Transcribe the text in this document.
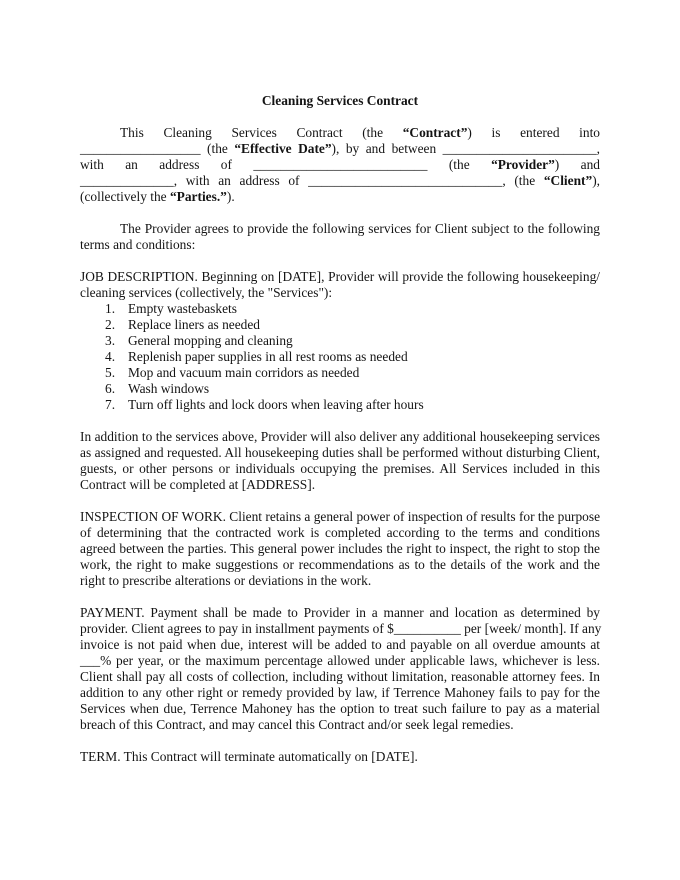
Cleaning Services Contract
This Cleaning Services Contract (the “Contract”) is entered into
__________________ (the “Effective Date”), by and between _______________________,
with an address of __________________________ (the “Provider”) and
______________, with an address of _____________________________, (the “Client”),
(collectively the “Parties.”).
The Provider agrees to provide the following services for Client subject to the following
terms and conditions:
JOB DESCRIPTION. Beginning on [DATE], Provider will provide the following housekeeping/
cleaning services (collectively, the "Services"):
1. Empty wastebaskets
2. Replace liners as needed
3. General mopping and cleaning
4. Replenish paper supplies in all rest rooms as needed
5. Mop and vacuum main corridors as needed
6. Wash windows
7. Turn off lights and lock doors when leaving after hours
In addition to the services above, Provider will also deliver any additional housekeeping services
as assigned and requested. All housekeeping duties shall be performed without disturbing Client,
guests, or other persons or individuals occupying the premises. All Services included in this
Contract will be completed at [ADDRESS].
INSPECTION OF WORK. Client retains a general power of inspection of results for the purpose
of determining that the contracted work is completed according to the terms and conditions
agreed between the parties. This general power includes the right to inspect, the right to stop the
work, the right to make suggestions or recommendations as to the details of the work and the
right to prescribe alterations or deviations in the work.
PAYMENT. Payment shall be made to Provider in a manner and location as determined by
provider. Client agrees to pay in installment payments of $__________ per [week/ month]. If any
invoice is not paid when due, interest will be added to and payable on all overdue amounts at
___% per year, or the maximum percentage allowed under applicable laws, whichever is less.
Client shall pay all costs of collection, including without limitation, reasonable attorney fees. In
addition to any other right or remedy provided by law, if Terrence Mahoney fails to pay for the
Services when due, Terrence Mahoney has the option to treat such failure to pay as a material
breach of this Contract, and may cancel this Contract and/or seek legal remedies.
TERM. This Contract will terminate automatically on [DATE].
